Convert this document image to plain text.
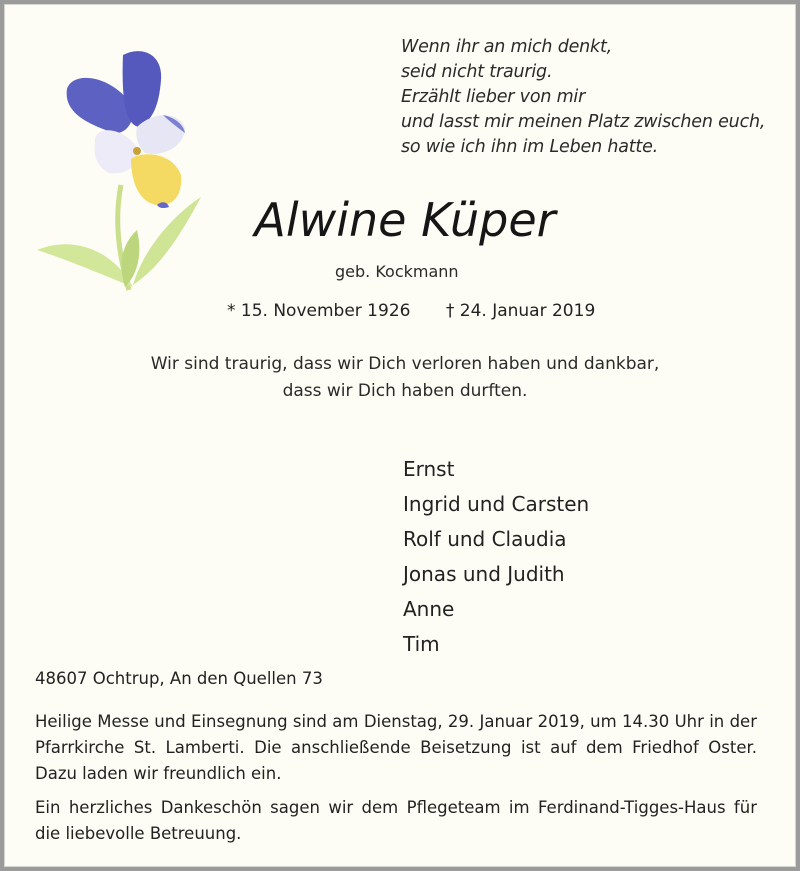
Wenn ihr an mich denkt,
seid nicht traurig.
Erzählt lieber von mir
und lasst mir meinen Platz zwischen euch,
so wie ich ihn im Leben hatte.
Alwine Küper
geb. Kockmann
* 15. November 1926 † 24. Januar 2019
Wir sind traurig, dass wir Dich verloren haben und dankbar,
dass wir Dich haben durften.
Ernst
Ingrid und Carsten
Rolf und Claudia
Jonas und Judith
Anne
Tim
48607 Ochtrup, An den Quellen 73
Heilige Messe und Einsegnung sind am Dienstag, 29. Januar 2019, um 14.30 Uhr in der Pfarrkirche St. Lamberti. Die anschließende Beisetzung ist auf dem Friedhof Oster. Dazu laden wir freundlich ein.
Ein herzliches Dankeschön sagen wir dem Pflegeteam im Ferdinand-Tigges-Haus für die liebevolle Betreuung.
